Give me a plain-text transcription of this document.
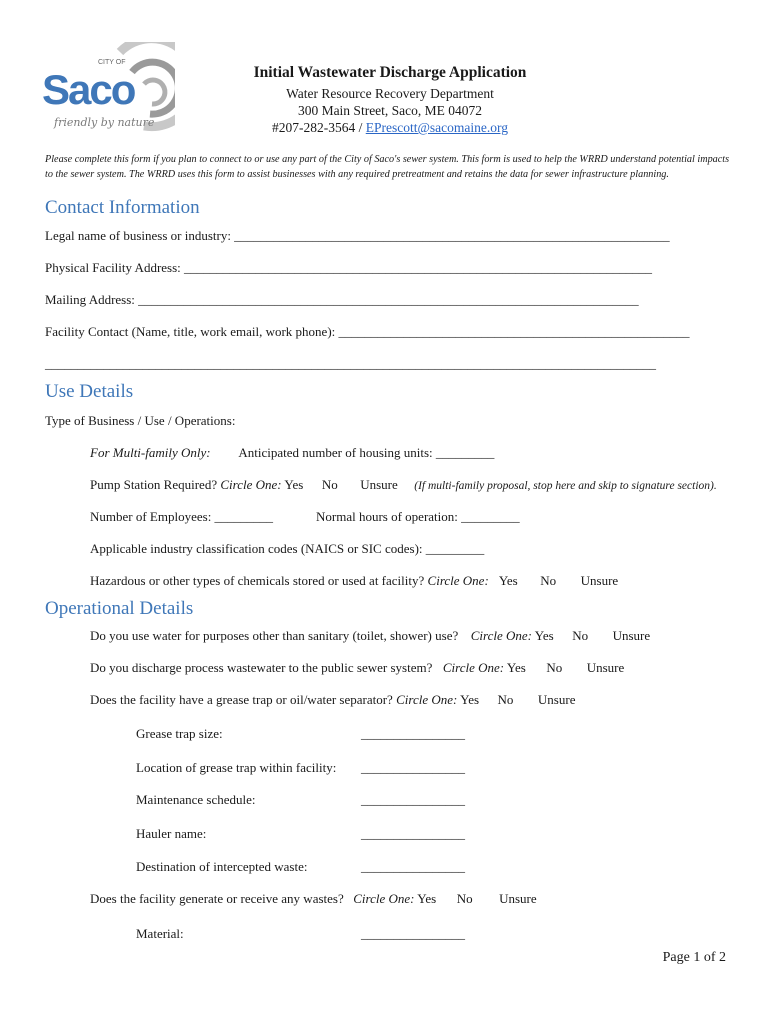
CITY OF
Saco
friendly by nature
Initial Wastewater Discharge Application
Water Resource Recovery Department
300 Main Street, Saco, ME 04072
#207-282-3564 / EPrescott@sacomaine.org
Please complete this form if you plan to connect to or use any part of the City of Saco's sewer system. This form is used to help the WRRD understand potential impacts to the sewer system. The WRRD uses this form to assist businesses with any required pretreatment and retains the data for sewer infrastructure planning.
Contact Information
Legal name of business or industry: ___________________________________________________________________
Physical Facility Address: ________________________________________________________________________
Mailing Address: _____________________________________________________________________________
Facility Contact (Name, title, work email, work phone): ______________________________________________________
______________________________________________________________________________________________
Use Details
Type of Business / Use / Operations:
For Multi-family Only: Anticipated number of housing units: _________
Pump Station Required? Circle One: Yes No Unsure (If multi-family proposal, stop here and skip to signature section).
Number of Employees: _________	Normal hours of operation: _________
Applicable industry classification codes (NAICS or SIC codes): _________
Hazardous or other types of chemicals stored or used at facility? Circle One: Yes No Unsure
Operational Details
Do you use water for purposes other than sanitary (toilet, shower) use? Circle One: Yes No Unsure
Do you discharge process wastewater to the public sewer system? Circle One: Yes No Unsure
Does the facility have a grease trap or oil/water separator? Circle One: Yes No Unsure
Grease trap size:	________________
Location of grease trap within facility: ________________
Maintenance schedule:	________________
Hauler name:	________________
Destination of intercepted waste:	________________
Does the facility generate or receive any wastes? Circle One: Yes No Unsure
Material:	________________
Page 1 of 2
